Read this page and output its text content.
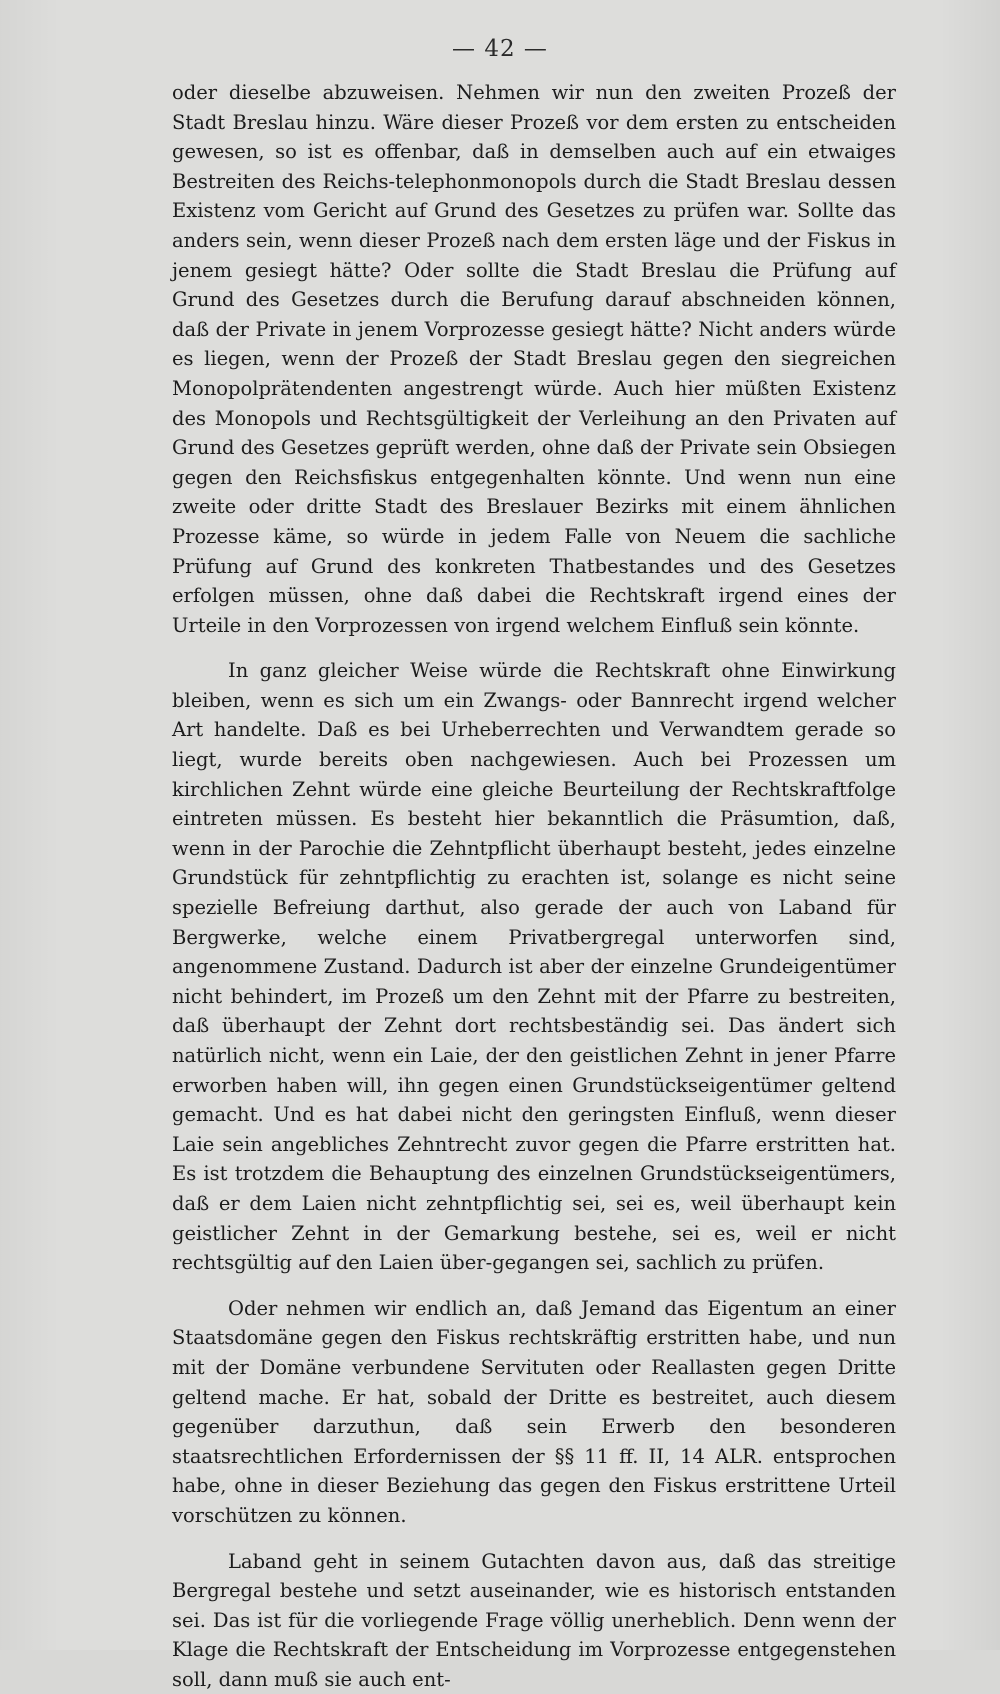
— 42 —

oder dieselbe abzuweisen. Nehmen wir nun den zweiten Prozeß der Stadt Breslau hinzu. Wäre dieser Prozeß vor dem ersten zu entscheiden gewesen, so ist es offenbar, daß in demselben auch auf ein etwaiges Bestreiten des Reichs-telephonmonopols durch die Stadt Breslau dessen Existenz vom Gericht auf Grund des Gesetzes zu prüfen war. Sollte das anders sein, wenn dieser Prozeß nach dem ersten läge und der Fiskus in jenem gesiegt hätte? Oder sollte die Stadt Breslau die Prüfung auf Grund des Gesetzes durch die Berufung darauf abschneiden können, daß der Private in jenem Vorprozesse gesiegt hätte? Nicht anders würde es liegen, wenn der Prozeß der Stadt Breslau gegen den siegreichen Monopolprätendenten angestrengt würde. Auch hier müßten Existenz des Monopols und Rechtsgültigkeit der Verleihung an den Privaten auf Grund des Gesetzes geprüft werden, ohne daß der Private sein Obsiegen gegen den Reichsfiskus entgegenhalten könnte. Und wenn nun eine zweite oder dritte Stadt des Breslauer Bezirks mit einem ähnlichen Prozesse käme, so würde in jedem Falle von Neuem die sachliche Prüfung auf Grund des konkreten Thatbestandes und des Gesetzes erfolgen müssen, ohne daß dabei die Rechtskraft irgend eines der Urteile in den Vorprozessen von irgend welchem Einfluß sein könnte.

In ganz gleicher Weise würde die Rechtskraft ohne Einwirkung bleiben, wenn es sich um ein Zwangs- oder Bannrecht irgend welcher Art handelte. Daß es bei Urheberrechten und Verwandtem gerade so liegt, wurde bereits oben nachgewiesen. Auch bei Prozessen um kirchlichen Zehnt würde eine gleiche Beurteilung der Rechtskraftfolge eintreten müssen. Es besteht hier bekanntlich die Präsumtion, daß, wenn in der Parochie die Zehntpflicht überhaupt besteht, jedes einzelne Grundstück für zehntpflichtig zu erachten ist, solange es nicht seine spezielle Befreiung darthut, also gerade der auch von Laband für Bergwerke, welche einem Privatbergregal unterworfen sind, angenommene Zustand. Dadurch ist aber der einzelne Grundeigentümer nicht behindert, im Prozeß um den Zehnt mit der Pfarre zu bestreiten, daß überhaupt der Zehnt dort rechtsbeständig sei. Das ändert sich natürlich nicht, wenn ein Laie, der den geistlichen Zehnt in jener Pfarre erworben haben will, ihn gegen einen Grundstückseigentümer geltend gemacht. Und es hat dabei nicht den geringsten Einfluß, wenn dieser Laie sein angebliches Zehntrecht zuvor gegen die Pfarre erstritten hat. Es ist trotzdem die Behauptung des einzelnen Grundstückseigentümers, daß er dem Laien nicht zehntpflichtig sei, sei es, weil überhaupt kein geistlicher Zehnt in der Gemarkung bestehe, sei es, weil er nicht rechtsgültig auf den Laien über-gegangen sei, sachlich zu prüfen.

Oder nehmen wir endlich an, daß Jemand das Eigentum an einer Staatsdomäne gegen den Fiskus rechtskräftig erstritten habe, und nun mit der Domäne verbundene Servituten oder Reallasten gegen Dritte geltend mache. Er hat, sobald der Dritte es bestreitet, auch diesem gegenüber darzuthun, daß sein Erwerb den besonderen staatsrechtlichen Erfordernissen der §§ 11 ff. II, 14 ALR. entsprochen habe, ohne in dieser Beziehung das gegen den Fiskus erstrittene Urteil vorschützen zu können.

Laband geht in seinem Gutachten davon aus, daß das streitige Bergregal bestehe und setzt auseinander, wie es historisch entstanden sei. Das ist für die vorliegende Frage völlig unerheblich. Denn wenn der Klage die Rechtskraft der Entscheidung im Vorprozesse entgegenstehen soll, dann muß sie auch ent-
